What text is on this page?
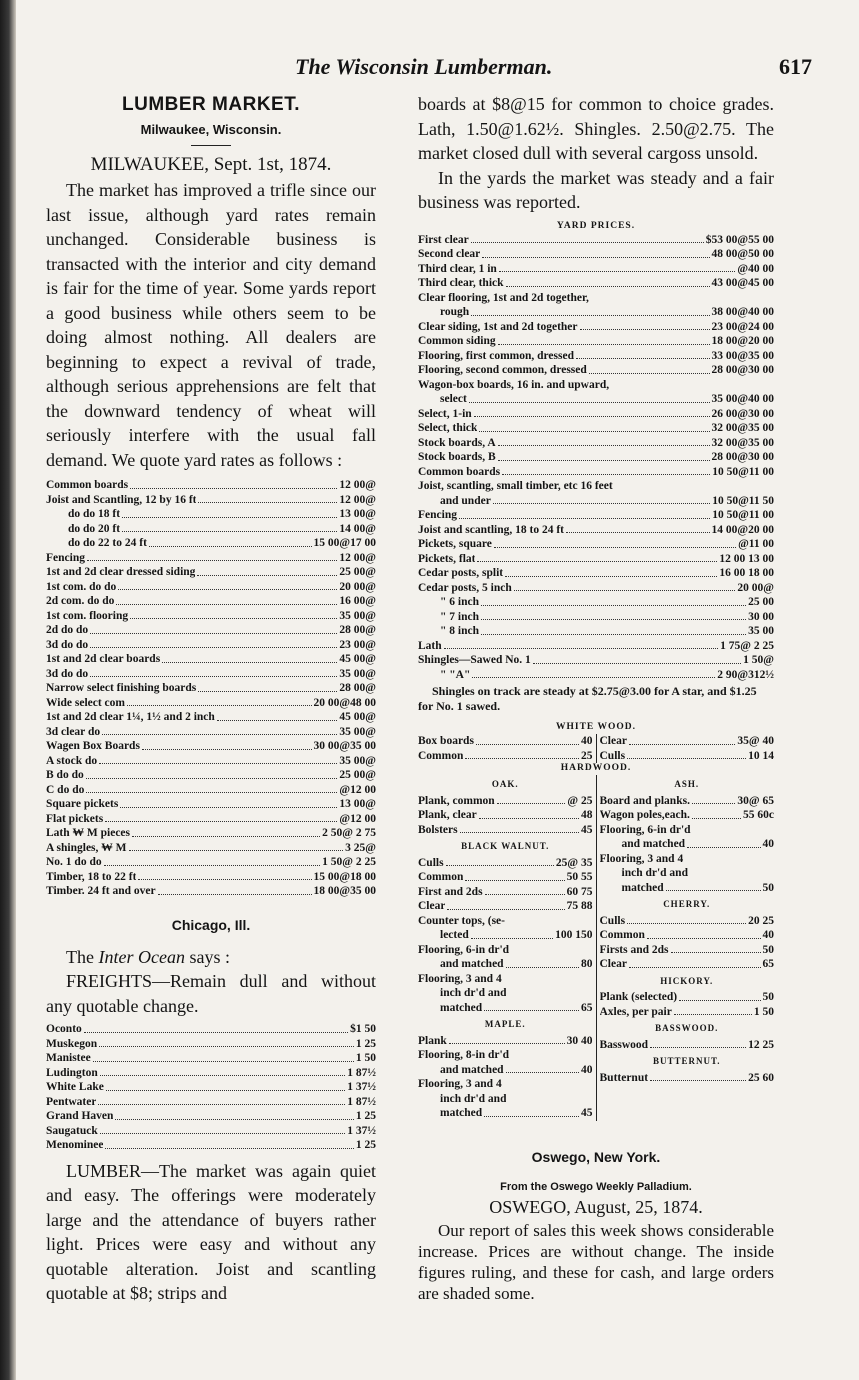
The Wisconsin Lumberman.	617
LUMBER MARKET.
Milwaukee, Wisconsin.
MILWAUKEE, Sept. 1st, 1874.

The market has improved a trifle since our last issue, although yard rates remain unchanged. Considerable business is transacted with the interior and city demand is fair for the time of year. Some yards report a good business while others seem to be doing almost nothing. All dealers are beginning to expect a revival of trade, although serious apprehensions are felt that the downward tendency of wheat will seriously interfere with the usual fall demand. We quote yard rates as follows :

Common boards	12 00@
Joist and Scantling, 12 by 16 ft	12 00@
do do 18 ft	13 00@
do do 20 ft	14 00@
do do 22 to 24 ft	15 00@17 00
Fencing	12 00@
1st and 2d clear dressed siding	25 00@
1st com. do do	20 00@
2d com. do do	16 00@
1st com. flooring	35 00@
2d do do	28 00@
3d do do	23 00@
1st and 2d clear boards	45 00@
3d do do	35 00@
Narrow select finishing boards	28 00@
Wide select com	20 00@48 00
1st and 2d clear 1¼, 1½ and 2 inch	45 00@
3d clear do	35 00@
Wagen Box Boards	30 00@35 00
A stock do	35 00@
B do do	25 00@
C do do	@12 00
Square pickets	13 00@
Flat pickets	@12 00
Lath ₩ M pieces	2 50@ 2 75
A shingles, ₩ M	3 25@
No. 1 do do	1 50@ 2 25
Timber, 18 to 22 ft	15 00@18 00
Timber. 24 ft and over	18 00@35 00
Chicago, Ill.

The Inter Ocean says :

FREIGHTS—Remain dull and without any quotable change.

Oconto	$1 50
Muskegon	1 25
Manistee	1 50
Ludington	1 87½
White Lake	1 37½
Pentwater	1 87½
Grand Haven	1 25
Saugatuck	1 37½
Menominee	1 25

LUMBER—The market was again quiet and easy. The offerings were moderately large and the attendance of buyers rather light. Prices were easy and without any quotable alteration. Joist and scantling quotable at $8; strips and

boards at $8@15 for common to choice grades. Lath, 1.50@1.62½. Shingles. 2.50@2.75. The market closed dull with several cargoss unsold.

In the yards the market was steady and a fair business was reported.

YARD PRICES.
First clear	$53 00@55 00
Second clear	48 00@50 00
Third clear, 1 in	@40 00
Third clear, thick	43 00@45 00
Clear flooring, 1st and 2d together,
rough	38 00@40 00
Clear siding, 1st and 2d together	23 00@24 00
Common siding	18 00@20 00
Flooring, first common, dressed	33 00@35 00
Flooring, second common, dressed	28 00@30 00
Wagon-box boards, 16 in. and upward,
select	35 00@40 00
Select, 1-in	26 00@30 00
Select, thick	32 00@35 00
Stock boards, A	32 00@35 00
Stock boards, B	28 00@30 00
Common boards	10 50@11 00
Joist, scantling, small timber, etc 16 feet
and under	10 50@11 50
Fencing	10 50@11 00
Joist and scantling, 18 to 24 ft	14 00@20 00
Pickets, square	@11 00
Pickets, flat	12 00 13 00
Cedar posts, split	16 00 18 00
Cedar posts, 5 inch	20 00@
" 6 inch	25 00
" 7 inch	30 00
" 8 inch	35 00
Lath	1 75@ 2 25
Shingles—Sawed No. 1	1 50@
" "A"	2 90@312½

Shingles on track are steady at $2.75@3.00 for A star, and $1.25 for No. 1 sawed.

WHITE WOOD.
Box boards	40
Common	25
Clear	35@ 40
Culls	10 14
HARDWOOD.
OAK.
Plank, common	@ 25
Plank, clear	48
Bolsters	45
BLACK WALNUT.
Culls	25@ 35
Common	50 55
First and 2ds	60 75
Clear	75 88
Counter tops, (se-
lected	100 150
Flooring, 6-in dr'd
and matched	80
Flooring, 3 and 4
inch dr'd and
matched	65
MAPLE.
Plank	30 40
Flooring, 8-in dr'd
and matched	40
Flooring, 3 and 4
inch dr'd and
matched	45
ASH.
Board and planks.	30@ 65
Wagon poles,each.	55 60c
Flooring, 6-in dr'd
and matched	40
Flooring, 3 and 4
inch dr'd and
matched	50
CHERRY.
Culls	20 25
Common	40
Firsts and 2ds	50
Clear	65
HICKORY.
Plank (selected)	50
Axles, per pair	1 50
BASSWOOD.
Basswood	12 25
BUTTERNUT.
Butternut	25 60
Oswego, New York.
From the Oswego Weekly Palladium.
OSWEGO, August, 25, 1874.

Our report of sales this week shows considerable increase. Prices are without change. The inside figures ruling, and these for cash, and large orders are shaded some.
